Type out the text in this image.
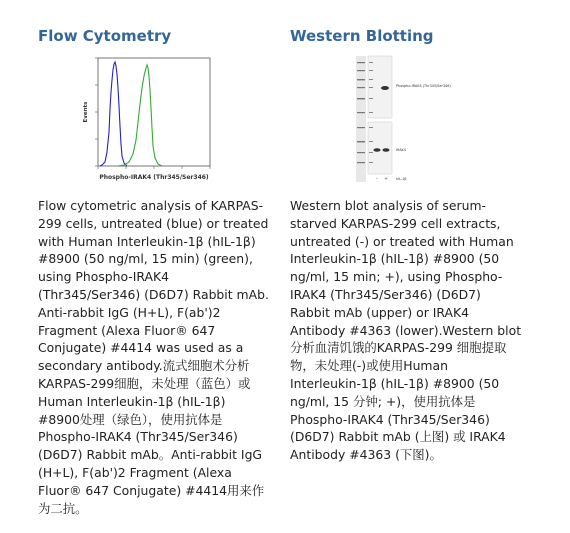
Flow Cytometry
Events
Phospho-IRAK4 (Thr345/Ser346)

Flow cytometric analysis of KARPAS-299 cells, untreated (blue) or treated with Human Interleukin-1β (hIL-1β) #8900 (50 ng/ml, 15 min) (green), using Phospho-IRAK4 (Thr345/Ser346) (D6D7) Rabbit mAb. Anti-rabbit IgG (H+L), F(ab')2 Fragment (Alexa Fluor® 647 Conjugate) #4414 was used as a secondary antibody.流式细胞术分析 KARPAS-299细胞，未处理（蓝色）或 Human Interleukin-1β (hIL-1β) #8900处理（绿色），使用抗体是 Phospho-IRAK4 (Thr345/Ser346) (D6D7) Rabbit mAb。Anti-rabbit IgG (H+L), F(ab')2 Fragment (Alexa Fluor® 647 Conjugate) #4414用来作为二抗。

Western Blotting
Phospho-IRAK4 (Thr345/Ser346)
IRAK4
– + hIL-1β

Western blot analysis of serum-starved KARPAS-299 cell extracts, untreated (-) or treated with Human Interleukin-1β (hIL-1β) #8900 (50 ng/ml, 15 min; +), using Phospho-IRAK4 (Thr345/Ser346) (D6D7) Rabbit mAb (upper) or IRAK4 Antibody #4363 (lower).Western blot分析血清饥饿的KARPAS-299 细胞提取物，未处理(-)或使用Human Interleukin-1β (hIL-1β) #8900 (50 ng/ml, 15 分钟; +)，使用抗体是 Phospho-IRAK4 (Thr345/Ser346) (D6D7) Rabbit mAb (上图) 或 IRAK4 Antibody #4363 (下图)。
